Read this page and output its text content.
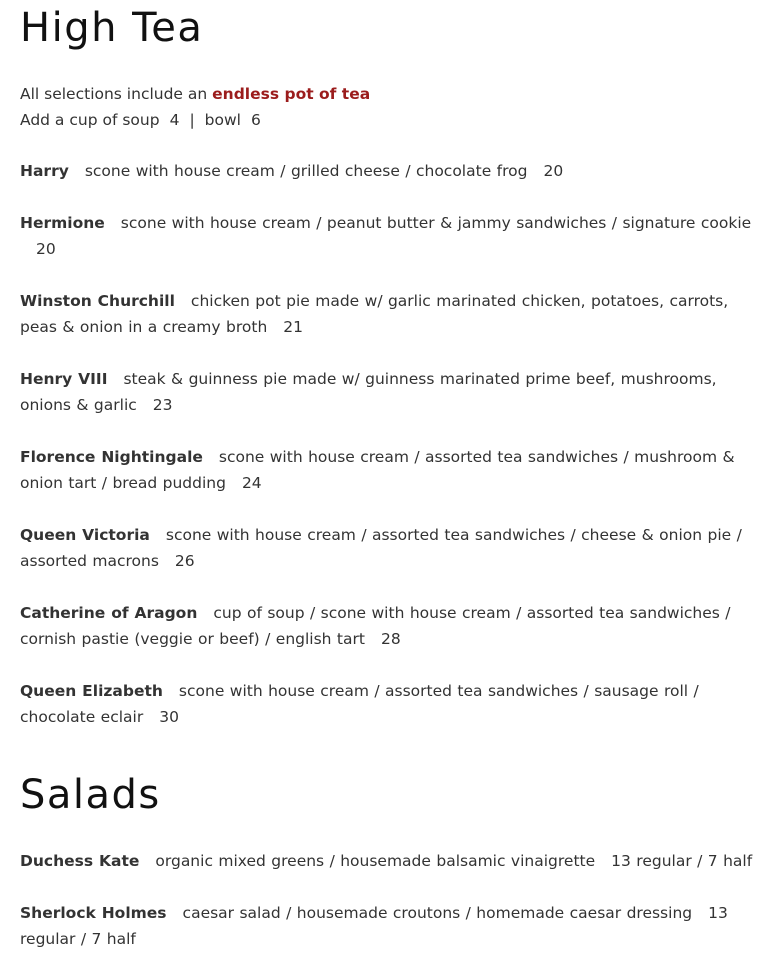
High Tea
All selections include an endless pot of tea
Add a cup of soup 4 | bowl 6
Harry scone with house cream / grilled cheese / chocolate frog 20
Hermione scone with house cream / peanut butter & jammy sandwiches / signature cookie20
Winston Churchill chicken pot pie made w/ garlic marinated chicken, potatoes, carrots, peas & onion in a creamy broth 21
Henry VIII steak & guinness pie made w/ guinness marinated prime beef, mushrooms, onions & garlic 23
Florence Nightingale scone with house cream / assorted tea sandwiches / mushroom & onion tart / bread pudding 24
Queen Victoria scone with house cream / assorted tea sandwiches / cheese & onion pie / assorted macrons 26
Catherine of Aragon cup of soup / scone with house cream / assorted tea sandwiches / cornish pastie (veggie or beef) / english tart 28
Queen Elizabeth scone with house cream / assorted tea sandwiches / sausage roll / chocolate eclair 30
Salads
Duchess Kate organic mixed greens / housemade balsamic vinaigrette 13 regular / 7 half
Sherlock Holmes caesar salad / housemade croutons / homemade caesar dressing 13 regular / 7 half
